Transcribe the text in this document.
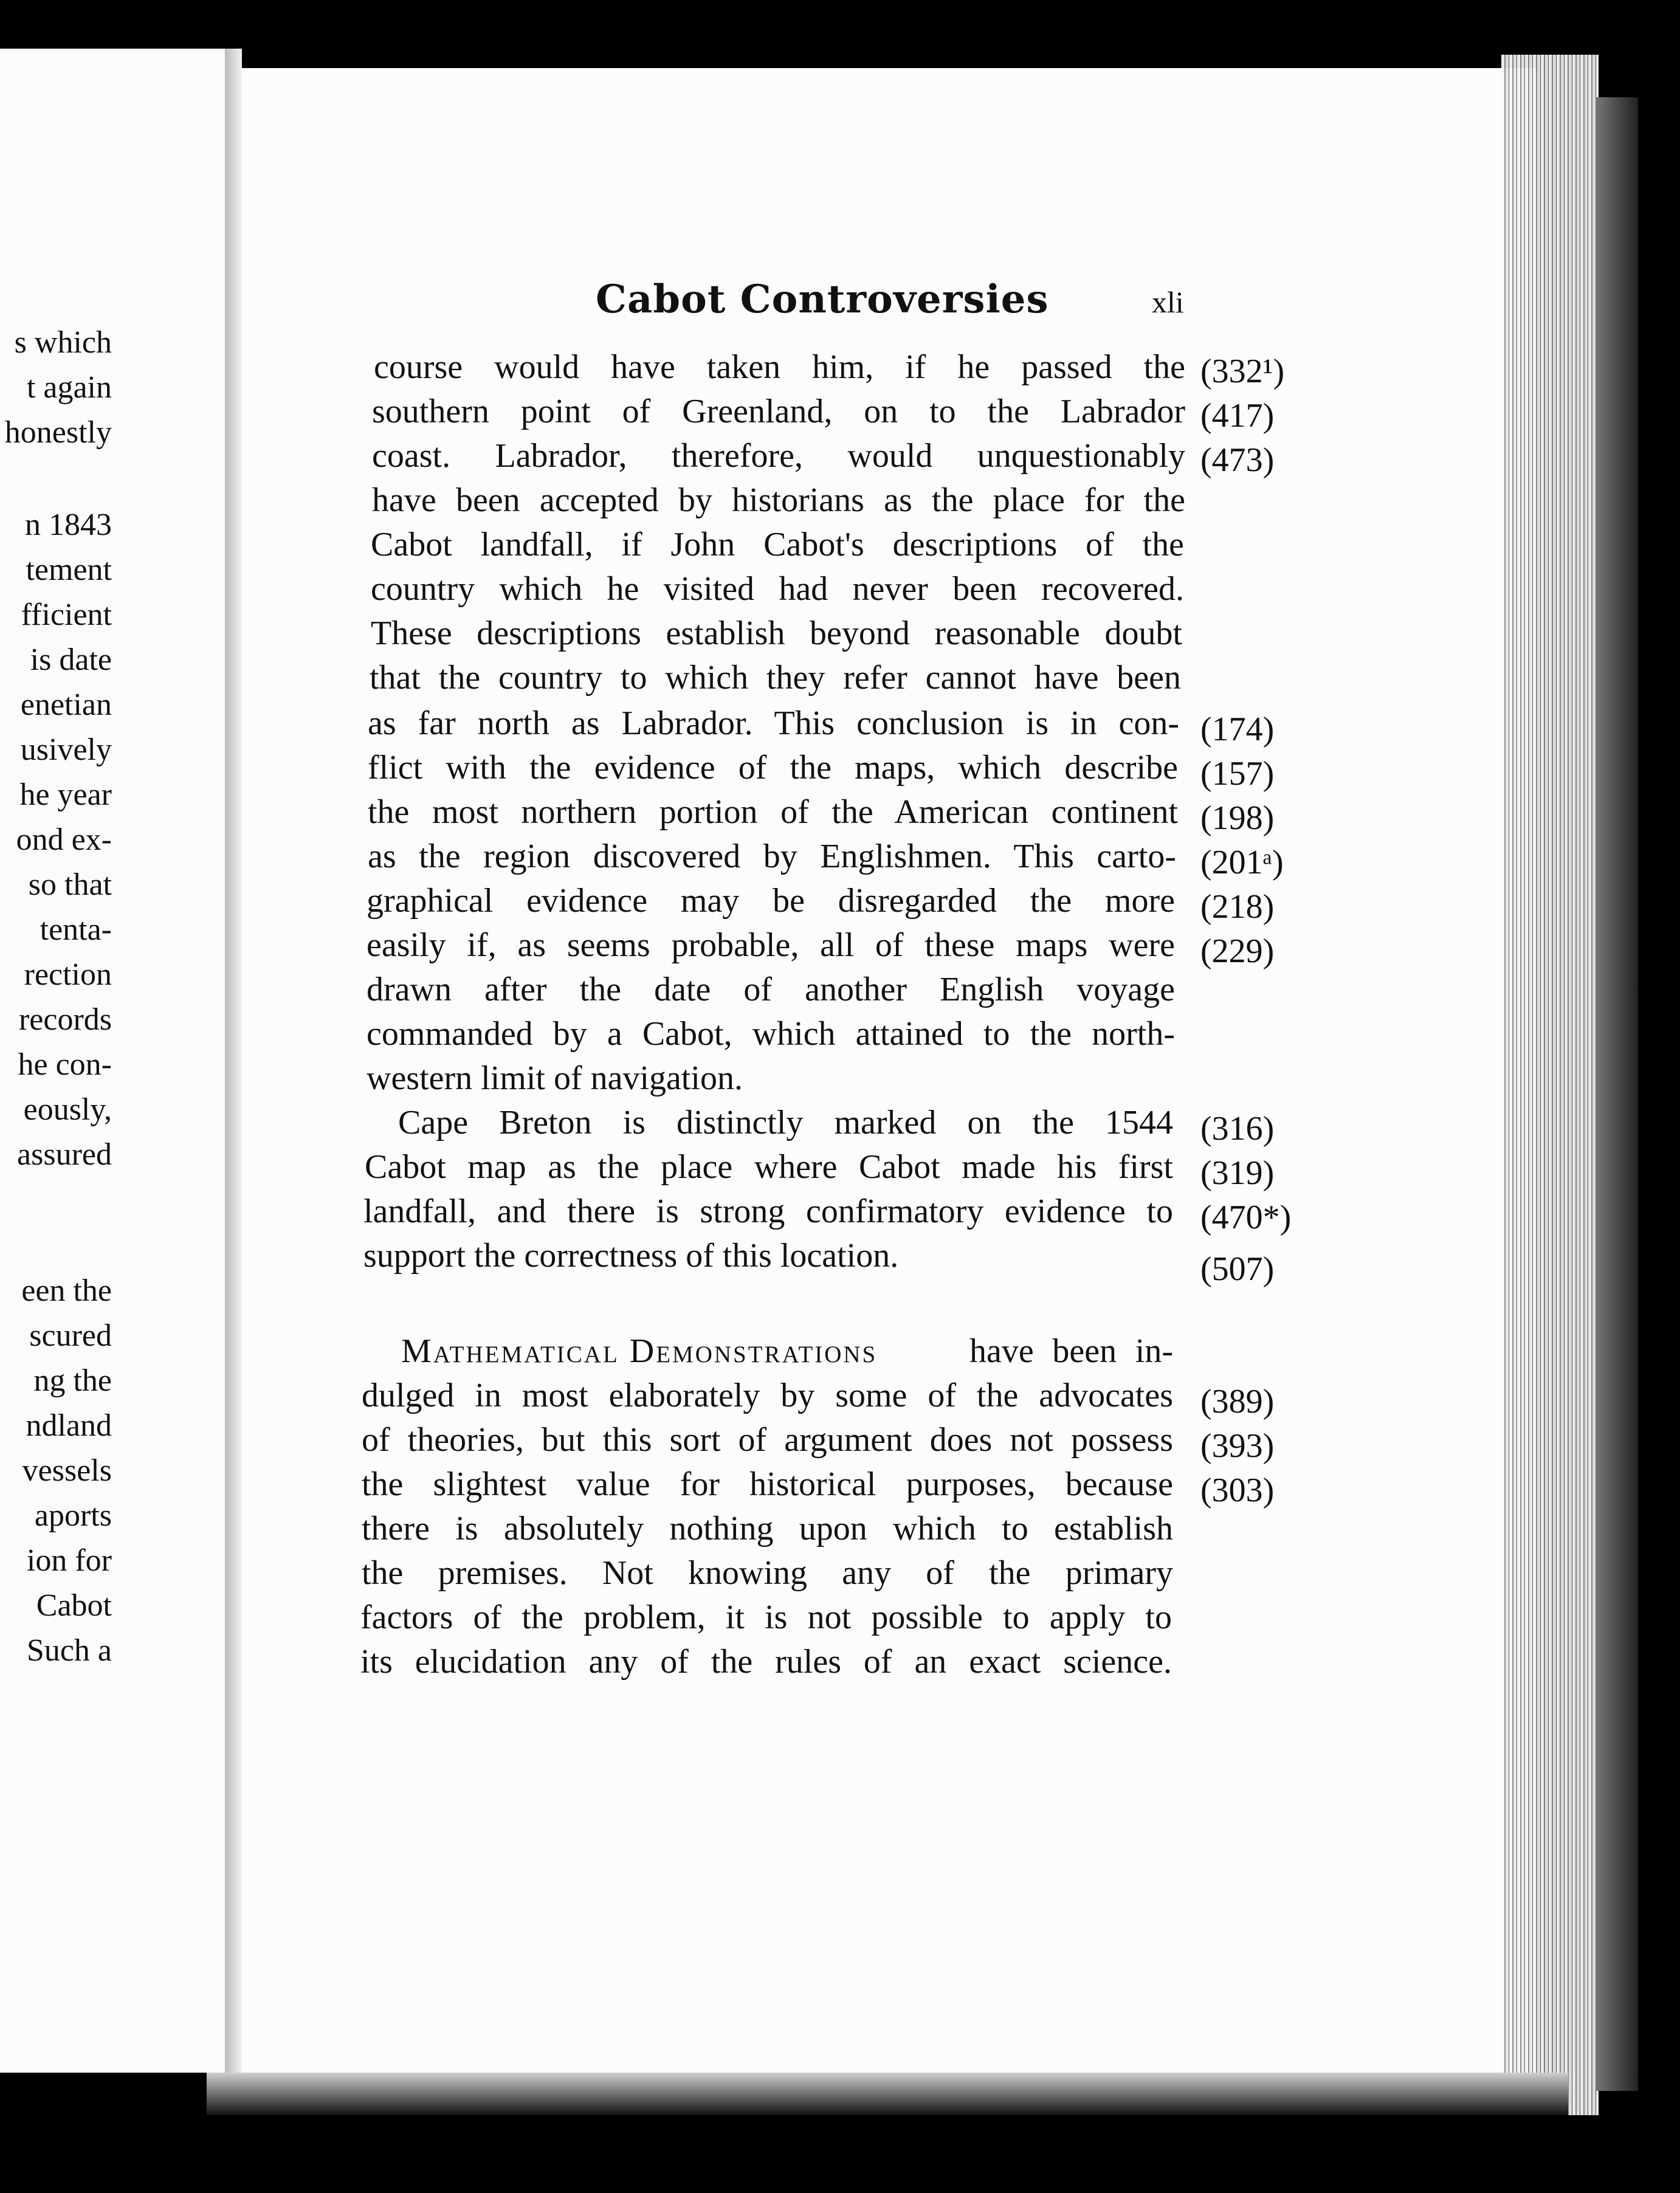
s which
t again
honestly
n 1843
tement
fficient
is date
enetian
usively
he year
ond ex-
so that
tenta-
rection
records
he con-
eously,
assured
een the
scured
ng the
ndland
vessels
aports
ion for
Cabot
Such a
Cabot Controversies	xli
course would have taken him, if he passed the
southern point of Greenland, on to the Labrador
coast. Labrador, therefore, would unquestionably
have been accepted by historians as the place for the
Cabot landfall, if John Cabot's descriptions of the
country which he visited had never been recovered.
These descriptions establish beyond reasonable doubt
that the country to which they refer cannot have been
as far north as Labrador. This conclusion is in con-
flict with the evidence of the maps, which describe
the most northern portion of the American continent
as the region discovered by Englishmen. This carto-
graphical evidence may be disregarded the more
easily if, as seems probable, all of these maps were
drawn after the date of another English voyage
commanded by a Cabot, which attained to the north-
western limit of navigation.
Cape Breton is distinctly marked on the 1544
Cabot map as the place where Cabot made his first
landfall, and there is strong confirmatory evidence to
support the correctness of this location.
Mathematical Demonstrations	have been in-
dulged in most elaborately by some of the advocates
of theories, but this sort of argument does not possess
the slightest value for historical purposes, because
there is absolutely nothing upon which to establish
the premises. Not knowing any of the primary
factors of the problem, it is not possible to apply to
its elucidation any of the rules of an exact science.
(332¹)
(417)
(473)
(174)
(157)
(198)
(201ᵃ)
(218)
(229)
(316)
(319)
(470*)
(507)
(389)
(393)
(303)
